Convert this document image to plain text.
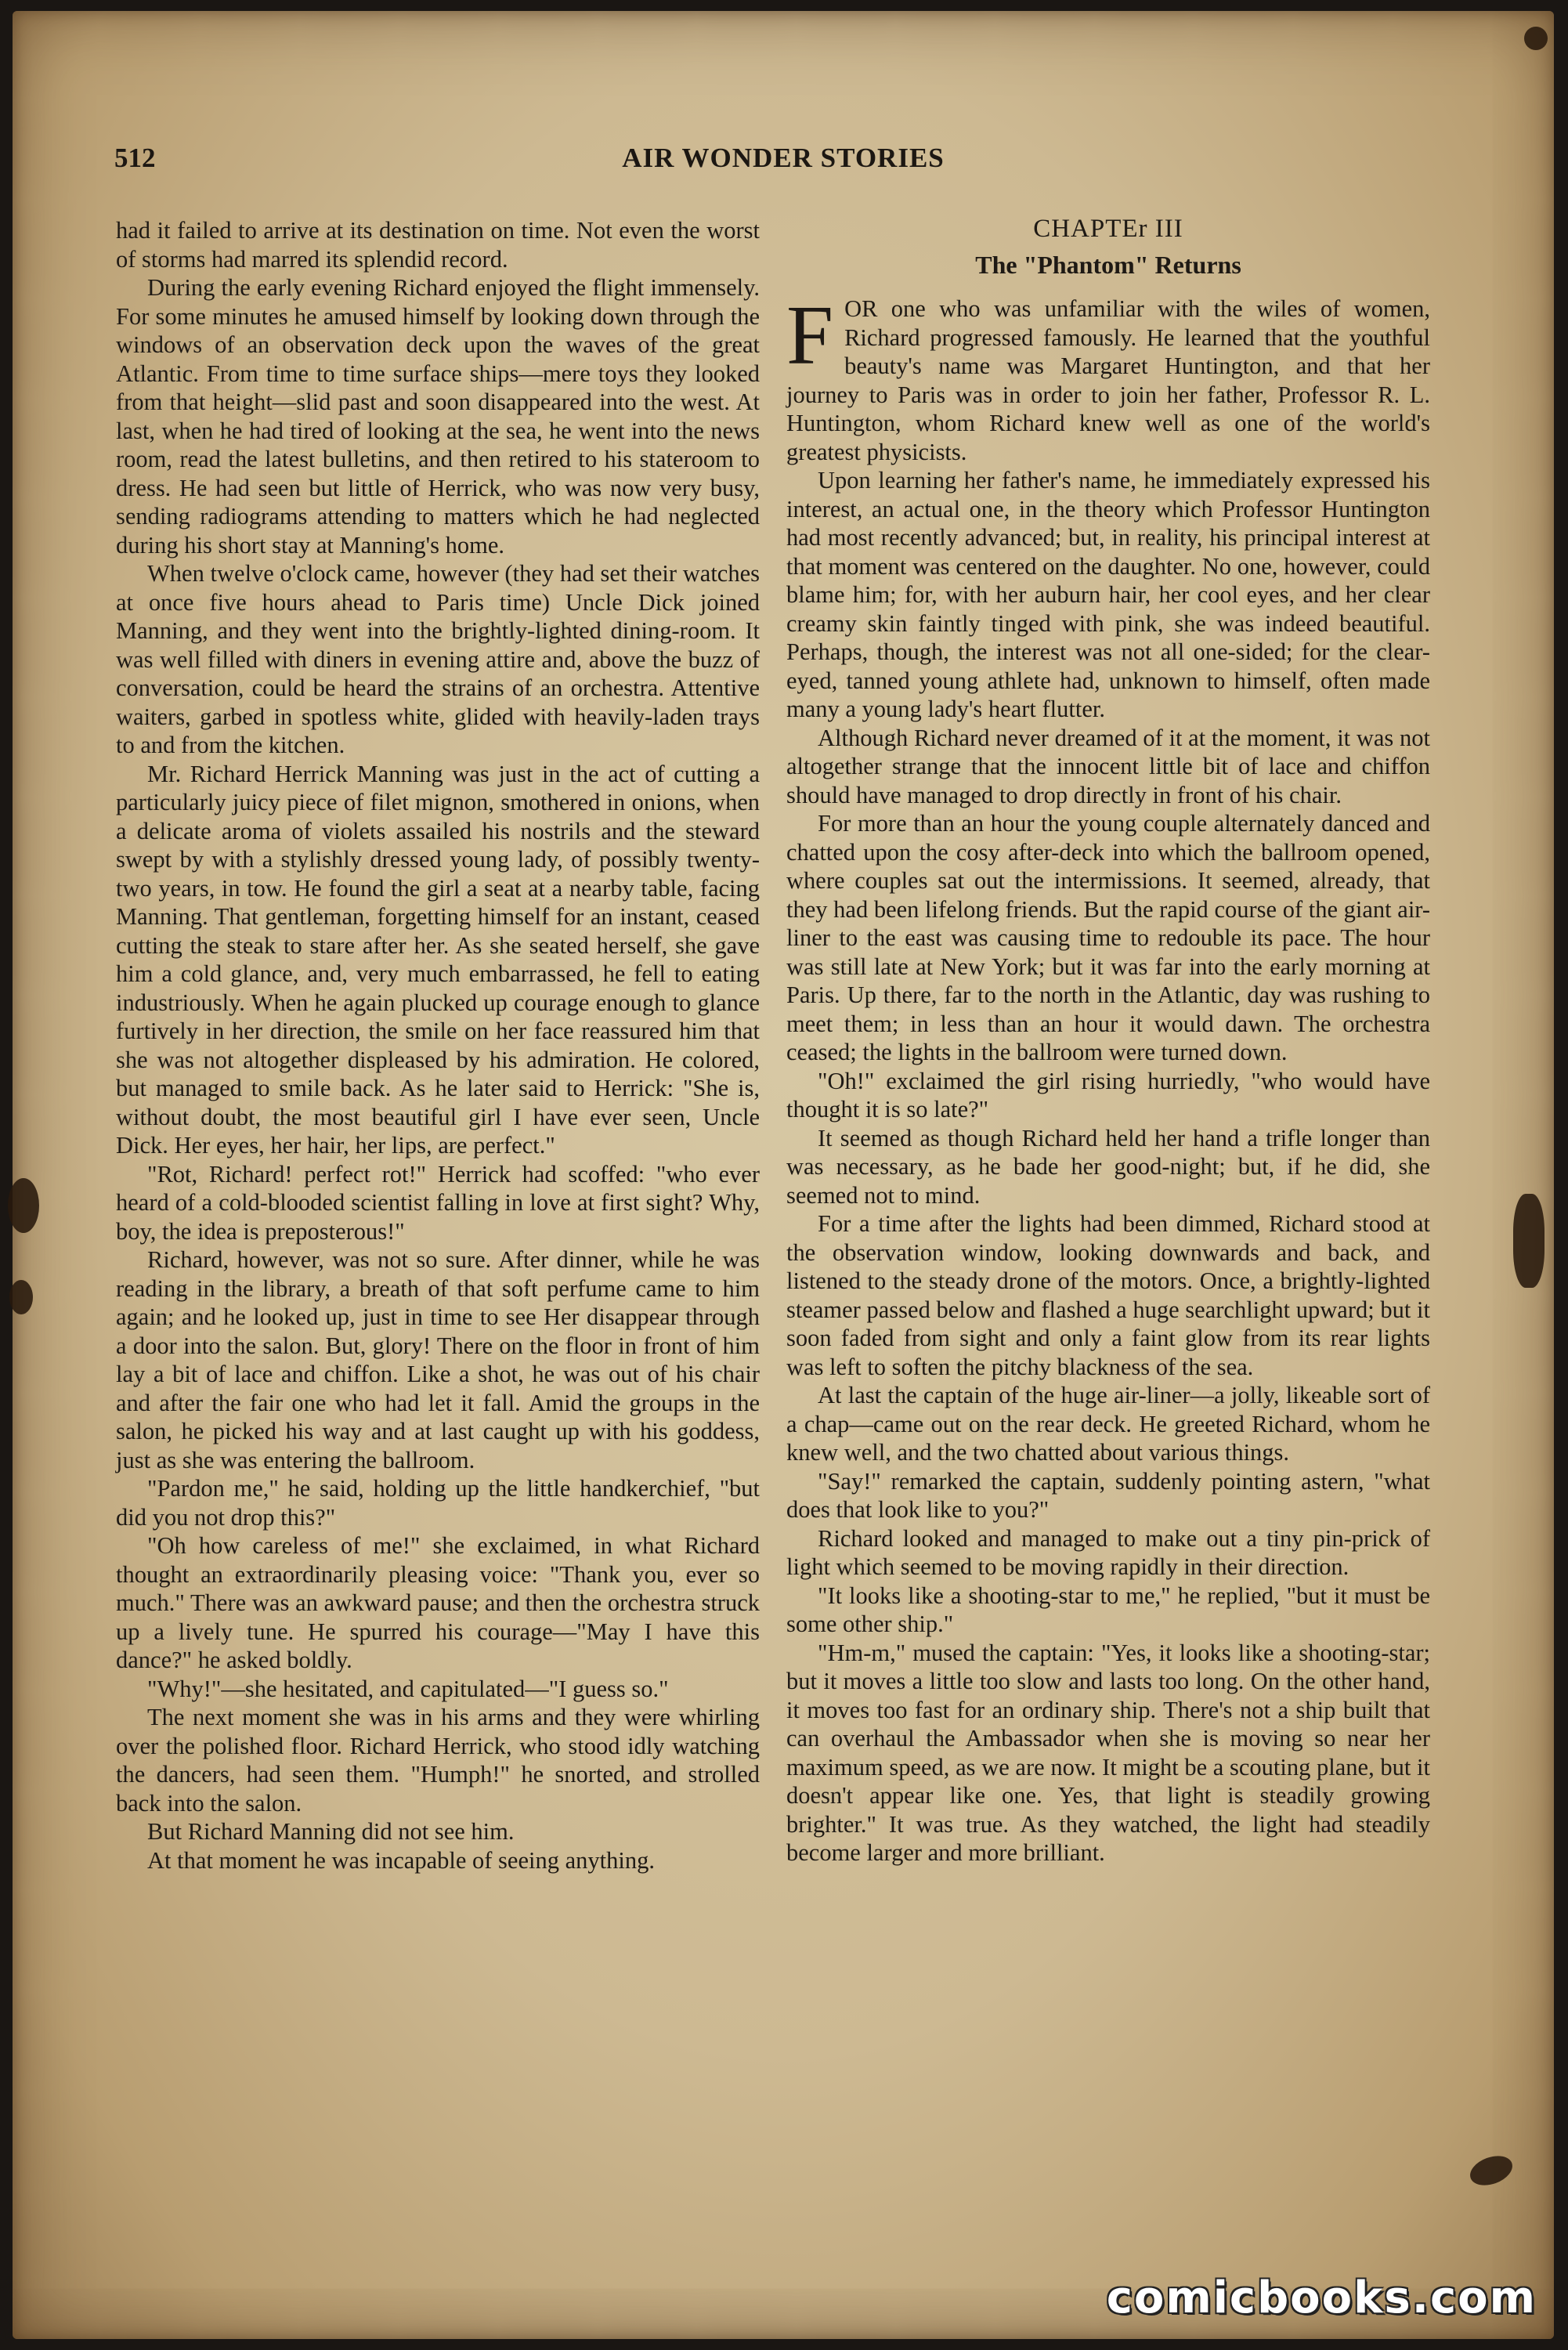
512	AIR WONDER STORIES

had it failed to arrive at its destination on time. Not even the worst of storms had marred its splendid record.

During the early evening Richard enjoyed the flight immensely. For some minutes he amused himself by looking down through the windows of an observation deck upon the waves of the great Atlantic. From time to time surface ships—mere toys they looked from that height—slid past and soon disappeared into the west. At last, when he had tired of looking at the sea, he went into the news room, read the latest bulletins, and then retired to his stateroom to dress. He had seen but little of Herrick, who was now very busy, sending radiograms attending to matters which he had neglected during his short stay at Manning's home.

When twelve o'clock came, however (they had set their watches at once five hours ahead to Paris time) Uncle Dick joined Manning, and they went into the brightly-lighted dining-room. It was well filled with diners in evening attire and, above the buzz of conversation, could be heard the strains of an orchestra. Attentive waiters, garbed in spotless white, glided with heavily-laden trays to and from the kitchen.

Mr. Richard Herrick Manning was just in the act of cutting a particularly juicy piece of filet mignon, smothered in onions, when a delicate aroma of violets assailed his nostrils and the steward swept by with a stylishly dressed young lady, of possibly twenty-two years, in tow. He found the girl a seat at a nearby table, facing Manning. That gentleman, forgetting himself for an instant, ceased cutting the steak to stare after her. As she seated herself, she gave him a cold glance, and, very much embarrassed, he fell to eating industriously. When he again plucked up courage enough to glance furtively in her direction, the smile on her face reassured him that she was not altogether displeased by his admiration. He colored, but managed to smile back. As he later said to Herrick: "She is, without doubt, the most beautiful girl I have ever seen, Uncle Dick. Her eyes, her hair, her lips, are perfect."

"Rot, Richard! perfect rot!" Herrick had scoffed: "who ever heard of a cold-blooded scientist falling in love at first sight? Why, boy, the idea is preposterous!"

Richard, however, was not so sure. After dinner, while he was reading in the library, a breath of that soft perfume came to him again; and he looked up, just in time to see Her disappear through a door into the salon. But, glory! There on the floor in front of him lay a bit of lace and chiffon. Like a shot, he was out of his chair and after the fair one who had let it fall. Amid the groups in the salon, he picked his way and at last caught up with his goddess, just as she was entering the ballroom.

"Pardon me," he said, holding up the little handkerchief, "but did you not drop this?"

"Oh how careless of me!" she exclaimed, in what Richard thought an extraordinarily pleasing voice: "Thank you, ever so much." There was an awkward pause; and then the orchestra struck up a lively tune. He spurred his courage—"May I have this dance?" he asked boldly.

"Why!"—she hesitated, and capitulated—"I guess so."

The next moment she was in his arms and they were whirling over the polished floor. Richard Herrick, who stood idly watching the dancers, had seen them. "Humph!" he snorted, and strolled back into the salon.

But Richard Manning did not see him.

At that moment he was incapable of seeing anything.

CHAPTEr III
The "Phantom" Returns

FOR one who was unfamiliar with the wiles of women, Richard progressed famously. He learned that the youthful beauty's name was Margaret Huntington, and that her journey to Paris was in order to join her father, Professor R. L. Huntington, whom Richard knew well as one of the world's greatest physicists.

Upon learning her father's name, he immediately expressed his interest, an actual one, in the theory which Professor Huntington had most recently advanced; but, in reality, his principal interest at that moment was centered on the daughter. No one, however, could blame him; for, with her auburn hair, her cool eyes, and her clear creamy skin faintly tinged with pink, she was indeed beautiful. Perhaps, though, the interest was not all one-sided; for the clear-eyed, tanned young athlete had, unknown to himself, often made many a young lady's heart flutter.

Although Richard never dreamed of it at the moment, it was not altogether strange that the innocent little bit of lace and chiffon should have managed to drop directly in front of his chair.

For more than an hour the young couple alternately danced and chatted upon the cosy after-deck into which the ballroom opened, where couples sat out the intermissions. It seemed, already, that they had been lifelong friends. But the rapid course of the giant air-liner to the east was causing time to redouble its pace. The hour was still late at New York; but it was far into the early morning at Paris. Up there, far to the north in the Atlantic, day was rushing to meet them; in less than an hour it would dawn. The orchestra ceased; the lights in the ballroom were turned down.

"Oh!" exclaimed the girl rising hurriedly, "who would have thought it is so late?"

It seemed as though Richard held her hand a trifle longer than was necessary, as he bade her good-night; but, if he did, she seemed not to mind.

For a time after the lights had been dimmed, Richard stood at the observation window, looking downwards and back, and listened to the steady drone of the motors. Once, a brightly-lighted steamer passed below and flashed a huge searchlight upward; but it soon faded from sight and only a faint glow from its rear lights was left to soften the pitchy blackness of the sea.

At last the captain of the huge air-liner—a jolly, likeable sort of a chap—came out on the rear deck. He greeted Richard, whom he knew well, and the two chatted about various things.

"Say!" remarked the captain, suddenly pointing astern, "what does that look like to you?"

Richard looked and managed to make out a tiny pin-prick of light which seemed to be moving rapidly in their direction.

"It looks like a shooting-star to me," he replied, "but it must be some other ship."

"Hm-m," mused the captain: "Yes, it looks like a shooting-star; but it moves a little too slow and lasts too long. On the other hand, it moves too fast for an ordinary ship. There's not a ship built that can overhaul the Ambassador when she is moving so near her maximum speed, as we are now. It might be a scouting plane, but it doesn't appear like one. Yes, that light is steadily growing brighter." It was true. As they watched, the light had steadily become larger and more brilliant.

comicbooks.com
